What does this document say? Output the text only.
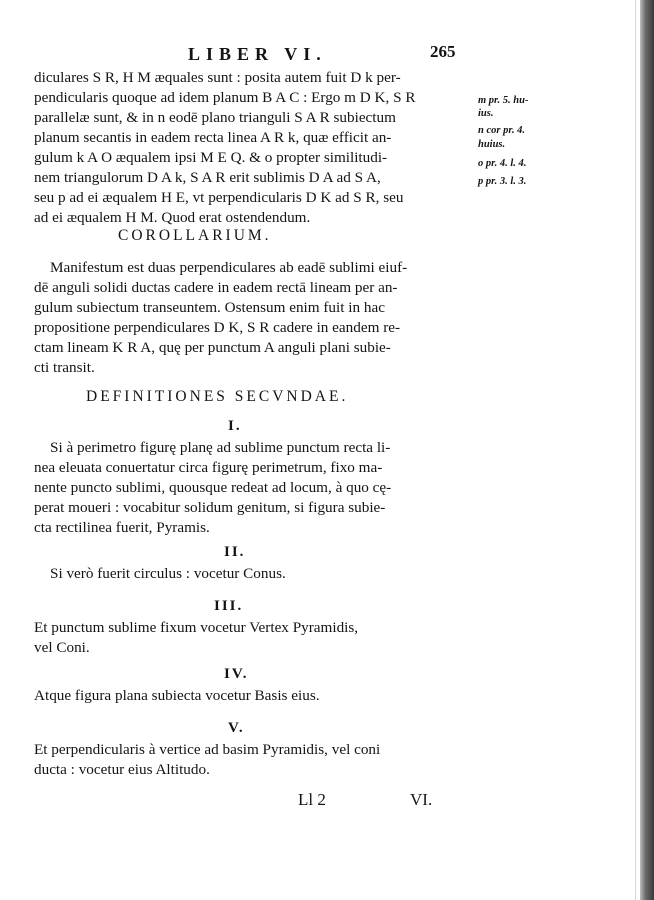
LIBER VI.	265
diculares S R, H M æquales sunt : posita autem fuit D k per-
pendicularis quoque ad idem planum B A C : Ergo m D K, S R
parallelæ sunt, & in n eodē plano trianguli S A R subiectum
planum secantis in eadem recta linea A R k, quæ efficit an-
gulum k A O æqualem ipsi M E Q. & o propter similitudi-
nem triangulorum D A k, S A R erit sublimis D A ad S A,
seu p ad ei æqualem H E, vt perpendicularis D K ad S R, seu
ad ei æqualem H M. Quod erat ostendendum.
m pr. 5. hu-
ius.
n cor pr. 4.
huius.
o pr. 4. l. 4.
p pr. 3. l. 3.
COROLLARIUM.
Manifestum est duas perpendiculares ab eadē sublimi eiuf-
dē anguli solidi ductas cadere in eadem rectā lineam per an-
gulum subiectum transeuntem. Ostensum enim fuit in hac
propositione perpendiculares D K, S R cadere in eandem re-
ctam lineam K R A, quę per punctum A anguli plani subie-
cti transit.
DEFINITIONES SECVNDAE.
I.
Si à perimetro figurę planę ad sublime punctum recta li-
nea eleuata conuertatur circa figurę perimetrum, fixo ma-
nente puncto sublimi, quousque redeat ad locum, à quo cę-
perat moueri : vocabitur solidum genitum, si figura subie-
cta rectilinea fuerit, Pyramis.
II.
Si verò fuerit circulus : vocetur Conus.
III.
Et punctum sublime fixum vocetur Vertex Pyramidis,
vel Coni.
IV.
Atque figura plana subiecta vocetur Basis eius.
V.
Et perpendicularis à vertice ad basim Pyramidis, vel coni
ducta : vocetur eius Altitudo.
Ll 2	VI.
